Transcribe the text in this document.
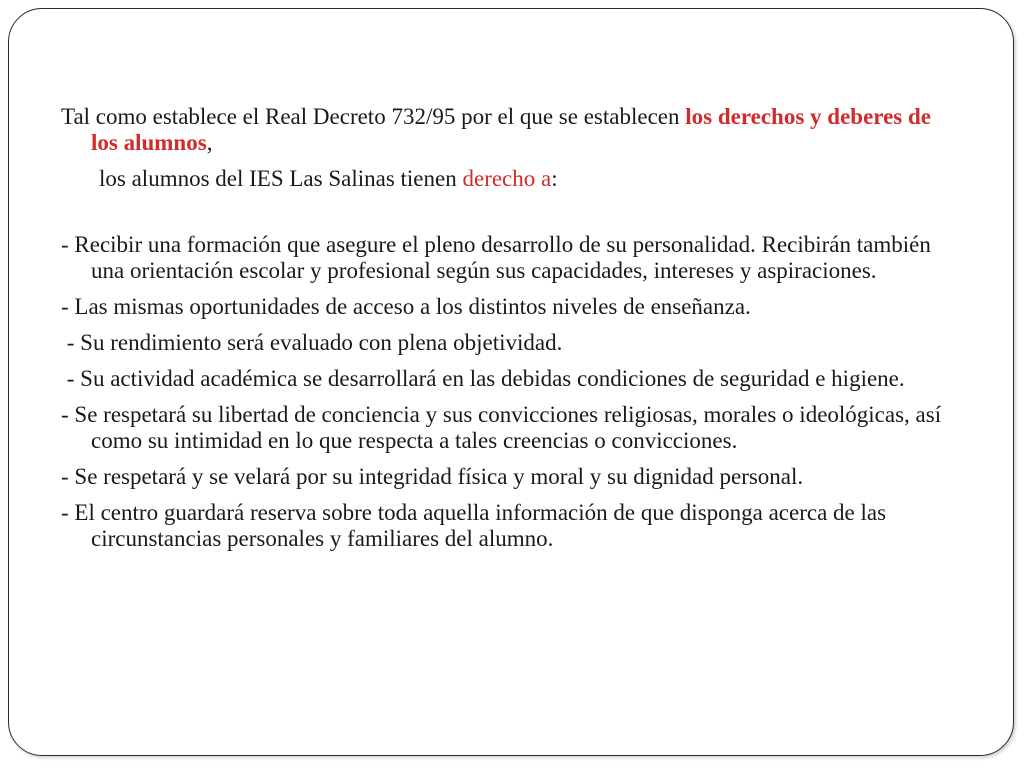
Tal como establece el Real Decreto 732/95 por el que se establecen los derechos y deberes de los alumnos,

los alumnos del IES Las Salinas tienen derecho a:

- Recibir una formación que asegure el pleno desarrollo de su personalidad. Recibirán también una orientación escolar y profesional según sus capacidades, intereses y aspiraciones.

- Las mismas oportunidades de acceso a los distintos niveles de enseñanza.

- Su rendimiento será evaluado con plena objetividad.

- Su actividad académica se desarrollará en las debidas condiciones de seguridad e higiene.

- Se respetará su libertad de conciencia y sus convicciones religiosas, morales o ideológicas, así como su intimidad en lo que respecta a tales creencias o convicciones.

- Se respetará y se velará por su integridad física y moral y su dignidad personal.

- El centro guardará reserva sobre toda aquella información de que disponga acerca de las circunstancias personales y familiares del alumno.
